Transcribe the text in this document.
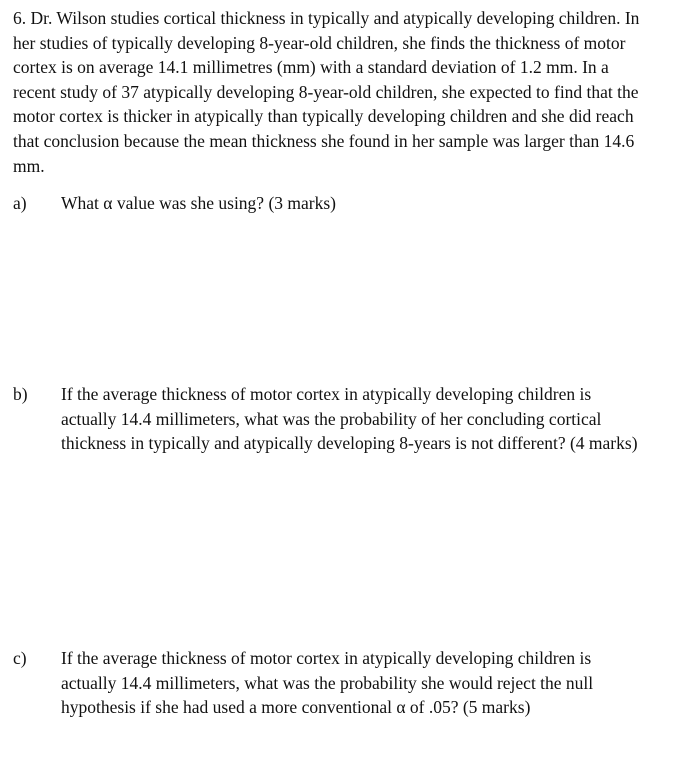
6. Dr. Wilson studies cortical thickness in typically and atypically developing children. In her studies of typically developing 8-year-old children, she finds the thickness of motor cortex is on average 14.1 millimetres (mm) with a standard deviation of 1.2 mm. In a recent study of 37 atypically developing 8-year-old children, she expected to find that the motor cortex is thicker in atypically than typically developing children and she did reach that conclusion because the mean thickness she found in her sample was larger than 14.6 mm.

a) What α value was she using? (3 marks)

b) If the average thickness of motor cortex in atypically developing children is actually 14.4 millimeters, what was the probability of her concluding cortical thickness in typically and atypically developing 8-years is not different? (4 marks)

c) If the average thickness of motor cortex in atypically developing children is actually 14.4 millimeters, what was the probability she would reject the null hypothesis if she had used a more conventional α of .05? (5 marks)
